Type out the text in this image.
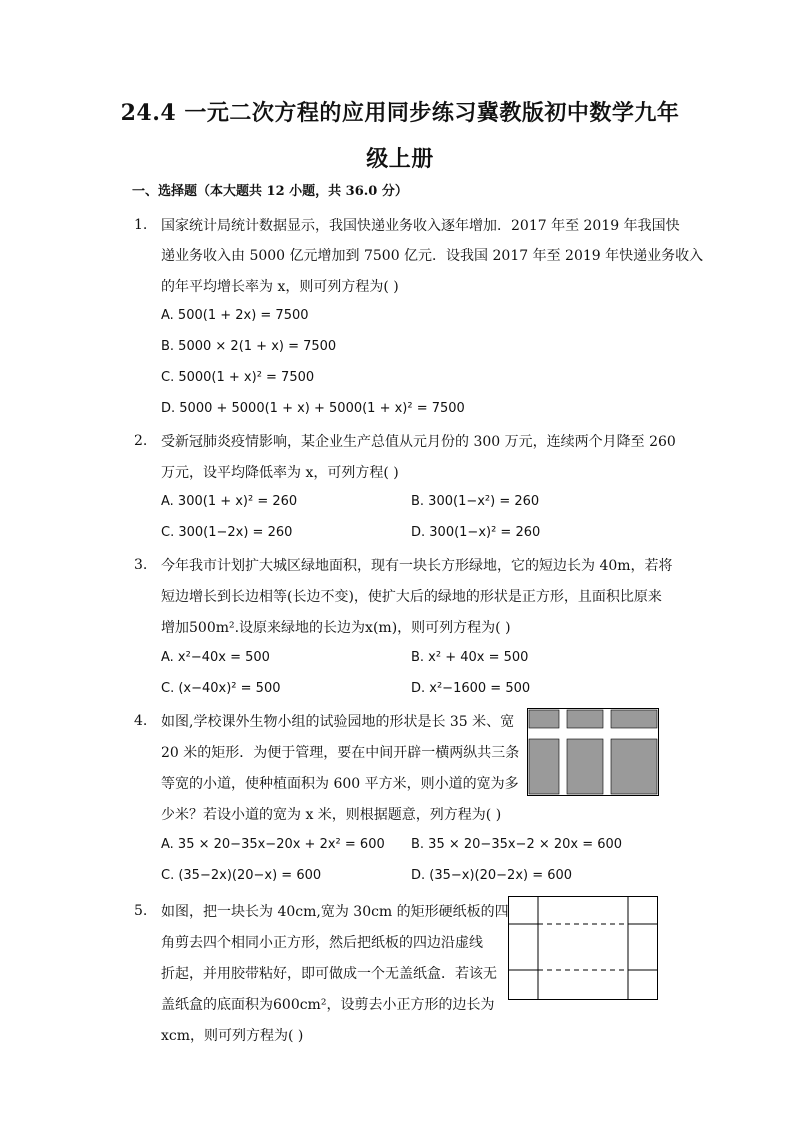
24.4 一元二次方程的应用同步练习冀教版初中数学九年
级上册
一、选择题（本大题共 12 小题，共 36.0 分）
1. 国家统计局统计数据显示，我国快递业务收入逐年增加．2017 年至 2019 年我国快
递业务收入由 5000 亿元增加到 7500 亿元．设我国 2017 年至 2019 年快递业务收入
的年平均增长率为 x，则可列方程为( )
A. 500(1 + 2x) = 7500
B. 5000 × 2(1 + x) = 7500
C. 5000(1 + x)² = 7500
D. 5000 + 5000(1 + x) + 5000(1 + x)² = 7500
2. 受新冠肺炎疫情影响，某企业生产总值从元月份的 300 万元，连续两个月降至 260
万元，设平均降低率为 x，可列方程( )
A. 300(1 + x)² = 260	B. 300(1−x²) = 260
C. 300(1−2x) = 260	D. 300(1−x)² = 260
3. 今年我市计划扩大城区绿地面积，现有一块长方形绿地，它的短边长为 40m，若将
短边增长到长边相等(长边不变)，使扩大后的绿地的形状是正方形，且面积比原来
增加500m².设原来绿地的长边为x(m)，则可列方程为( )
A. x²−40x = 500	B. x² + 40x = 500
C. (x−40x)² = 500	D. x²−1600 = 500
4. 如图,学校课外生物小组的试验园地的形状是长 35 米、宽
20 米的矩形．为便于管理，要在中间开辟一横两纵共三条
等宽的小道，使种植面积为 600 平方米，则小道的宽为多
少米？若设小道的宽为 x 米，则根据题意，列方程为( )
A. 35 × 20−35x−20x + 2x² = 600 B. 35 × 20−35x−2 × 20x = 600
C. (35−2x)(20−x) = 600	D. (35−x)(20−2x) = 600
5. 如图，把一块长为 40cm,宽为 30cm 的矩形硬纸板的四
角剪去四个相同小正方形，然后把纸板的四边沿虚线
折起，并用胶带粘好，即可做成一个无盖纸盒．若该无
盖纸盒的底面积为600cm²，设剪去小正方形的边长为
xcm，则可列方程为( )
